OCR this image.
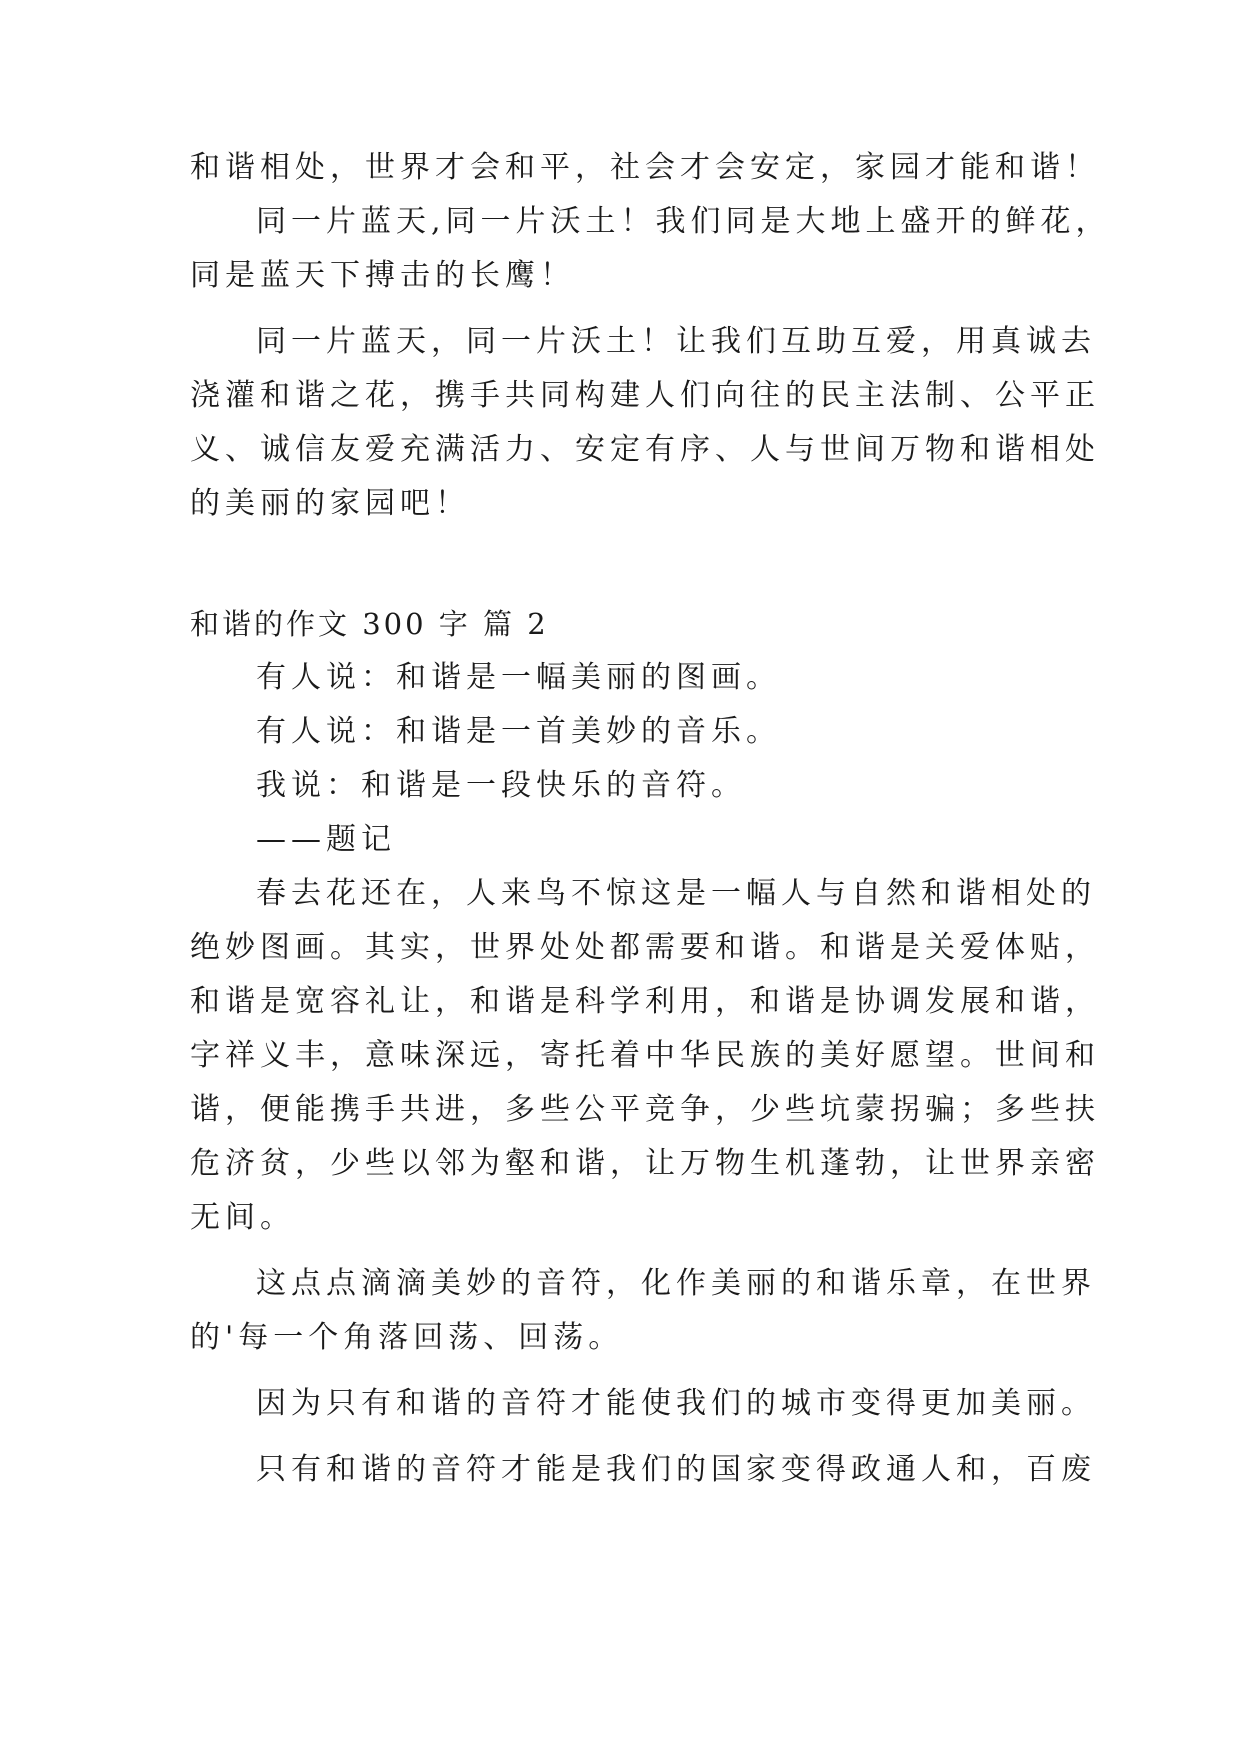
和谐相处，世界才会和平，社会才会安定，家园才能和谐！
同一片蓝天,同一片沃土！我们同是大地上盛开的鲜花，
同是蓝天下搏击的长鹰！
同一片蓝天，同一片沃土！让我们互助互爱，用真诚去
浇灌和谐之花，携手共同构建人们向往的民主法制、公平正
义、诚信友爱充满活力、安定有序、人与世间万物和谐相处
的美丽的家园吧！
和谐的作文 300 字 篇 2
有人说：和谐是一幅美丽的图画。
有人说：和谐是一首美妙的音乐。
我说：和谐是一段快乐的音符。
——题记
春去花还在，人来鸟不惊这是一幅人与自然和谐相处的
绝妙图画。其实，世界处处都需要和谐。和谐是关爱体贴，
和谐是宽容礼让，和谐是科学利用，和谐是协调发展和谐，
字祥义丰，意味深远，寄托着中华民族的美好愿望。世间和
谐，便能携手共进，多些公平竞争，少些坑蒙拐骗；多些扶
危济贫，少些以邻为壑和谐，让万物生机蓬勃，让世界亲密
无间。
这点点滴滴美妙的音符，化作美丽的和谐乐章，在世界
的'每一个角落回荡、回荡。
因为只有和谐的音符才能使我们的城市变得更加美丽。
只有和谐的音符才能是我们的国家变得政通人和，百废
